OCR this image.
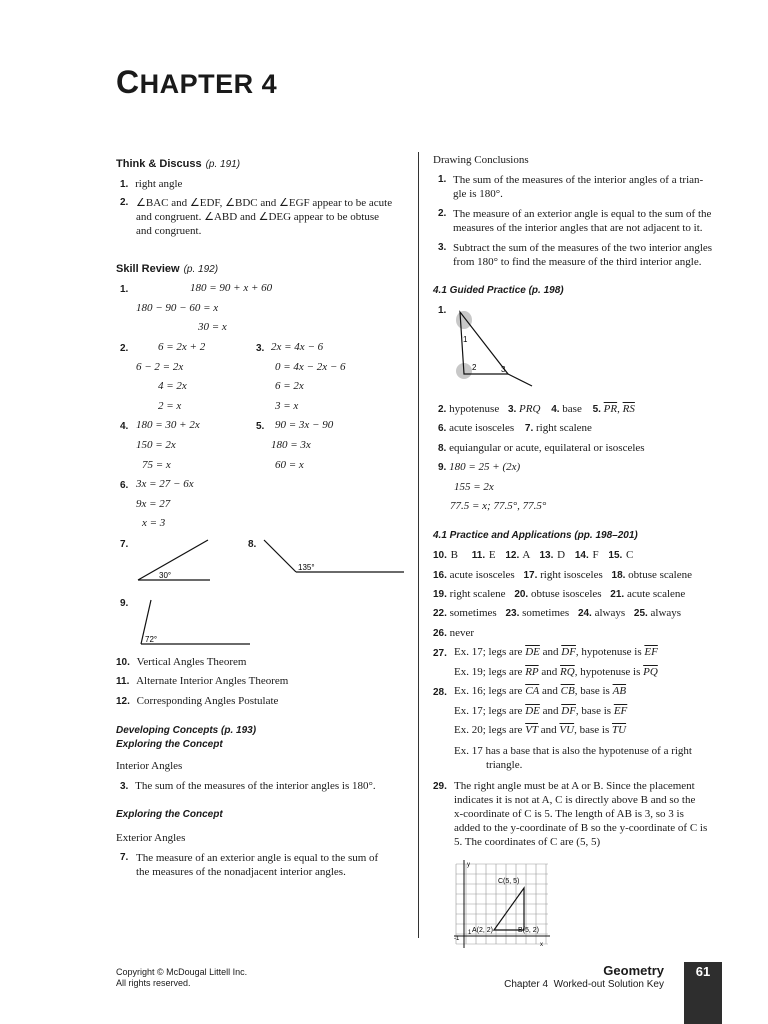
CHAPTER 4
Think & Discuss (p. 191)
1. right angle
2. ∠BAC and ∠EDF, ∠BDC and ∠EGF appear to be acute
and congruent. ∠ABD and ∠DEG appear to be obtuse
and congruent.
Skill Review (p. 192)
1.	180 = 90 + x + 60
180 − 90 − 60 = x
30 = x
2.	6 = 2x + 2
6 − 2 = 2x
4 = 2x
2 = x
3. 2x = 4x − 6
0 = 4x − 2x − 6
6 = 2x
3 = x
4. 180 = 30 + 2x
150 = 2x
75 = x
5. 90 = 3x − 90
180 = 3x
60 = x
6. 3x = 27 − 6x
9x = 27
x = 3
7.
30°
8.
135°
9.
72°
10. Vertical Angles Theorem
11. Alternate Interior Angles Theorem
12. Corresponding Angles Postulate
Developing Concepts (p. 193)
Exploring the Concept
Interior Angles
3. The sum of the measures of the interior angles is 180°.
Exploring the Concept
Exterior Angles
7. The measure of an exterior angle is equal to the sum of
the measures of the nonadjacent interior angles.
Drawing Conclusions
1. The sum of the measures of the interior angles of a trian-
gle is 180°.
2. The measure of an exterior angle is equal to the sum of the
measures of the interior angles that are not adjacent to it.
3. Subtract the sum of the measures of the two interior angles
from 180° to find the measure of the third interior angle.
4.1 Guided Practice (p. 198)
1.
1
2	3
2. hypotenuse 3. PRQ 4. base 5. $\overline{PR}$, $\overline{RS}$
6. acute isosceles 7. right scalene
8. equiangular or acute, equilateral or isosceles
9. 180 = 25 + (2x)
155 = 2x
77.5 = x; 77.5°, 77.5°
4.1 Practice and Applications (pp. 198–201)
10. B 11. E 12. A 13. D 14. F 15. C
16. acute isosceles 17. right isosceles 18. obtuse scalene
19. right scalene 20. obtuse isosceles 21. acute scalene
22. sometimes 23. sometimes 24. always 25. always
26. never
27. Ex. 17; legs are $\overline{DE}$ and $\overline{DF}$, hypotenuse is $\overline{EF}$
Ex. 19; legs are $\overline{RP}$ and $\overline{RQ}$, hypotenuse is $\overline{PQ}$
28. Ex. 16; legs are $\overline{CA}$ and $\overline{CB}$, base is $\overline{AB}$
Ex. 17; legs are $\overline{DE}$ and $\overline{DF}$, base is $\overline{EF}$
Ex. 20; legs are $\overline{VT}$ and $\overline{VU}$, base is $\overline{TU}$
Ex. 17 has a base that is also the hypotenuse of a right
triangle.
29. The right angle must be at A or B. Since the placement
indicates it is not at A, C is directly above B and so the
x-coordinate of C is 5. The length of AB is 3, so 3 is
added to the y-coordinate of B so the y-coordinate of C is
5. The coordinates of C are (5, 5)
y
x
-1
1
C(5, 5)
A(2, 2)	B(5, 2)
Copyright © McDougal Littell Inc.
All rights reserved.
Geometry
Chapter 4  Worked-out Solution Key
61
